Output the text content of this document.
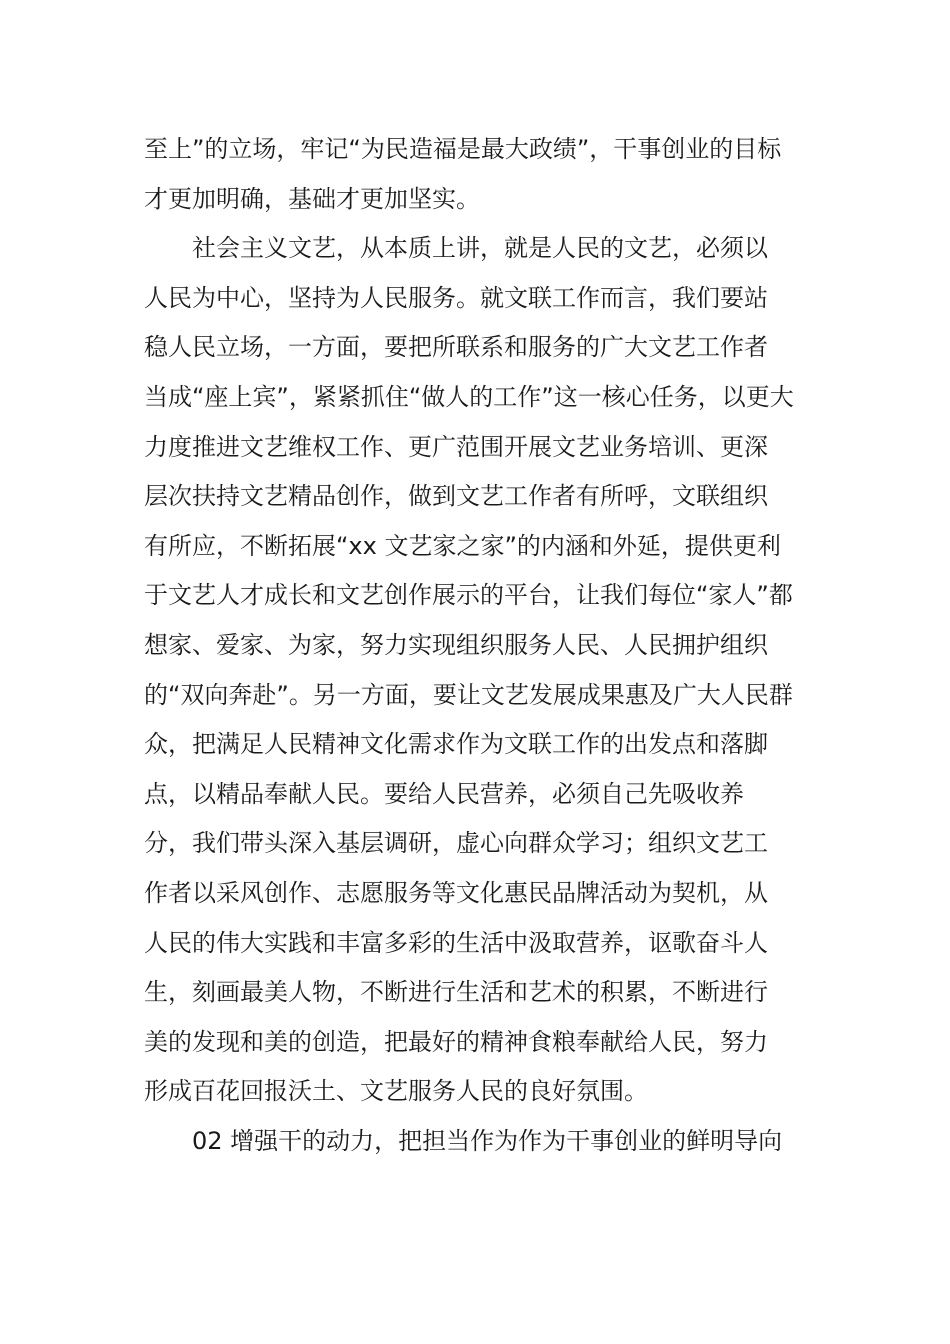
至上”的立场，牢记“为民造福是最大政绩”，干事创业的目标
才更加明确，基础才更加坚实。
社会主义文艺，从本质上讲，就是人民的文艺，必须以
人民为中心，坚持为人民服务。就文联工作而言，我们要站
稳人民立场，一方面，要把所联系和服务的广大文艺工作者
当成“座上宾”，紧紧抓住“做人的工作”这一核心任务，以更大
力度推进文艺维权工作、更广范围开展文艺业务培训、更深
层次扶持文艺精品创作，做到文艺工作者有所呼，文联组织
有所应，不断拓展“xx 文艺家之家”的内涵和外延，提供更利
于文艺人才成长和文艺创作展示的平台，让我们每位“家人”都
想家、爱家、为家，努力实现组织服务人民、人民拥护组织
的“双向奔赴”。另一方面，要让文艺发展成果惠及广大人民群
众，把满足人民精神文化需求作为文联工作的出发点和落脚
点，以精品奉献人民。要给人民营养，必须自己先吸收养
分，我们带头深入基层调研，虚心向群众学习；组织文艺工
作者以采风创作、志愿服务等文化惠民品牌活动为契机，从
人民的伟大实践和丰富多彩的生活中汲取营养，讴歌奋斗人
生，刻画最美人物，不断进行生活和艺术的积累，不断进行
美的发现和美的创造，把最好的精神食粮奉献给人民，努力
形成百花回报沃土、文艺服务人民的良好氛围。
02 增强干的动力，把担当作为作为干事创业的鲜明导向
